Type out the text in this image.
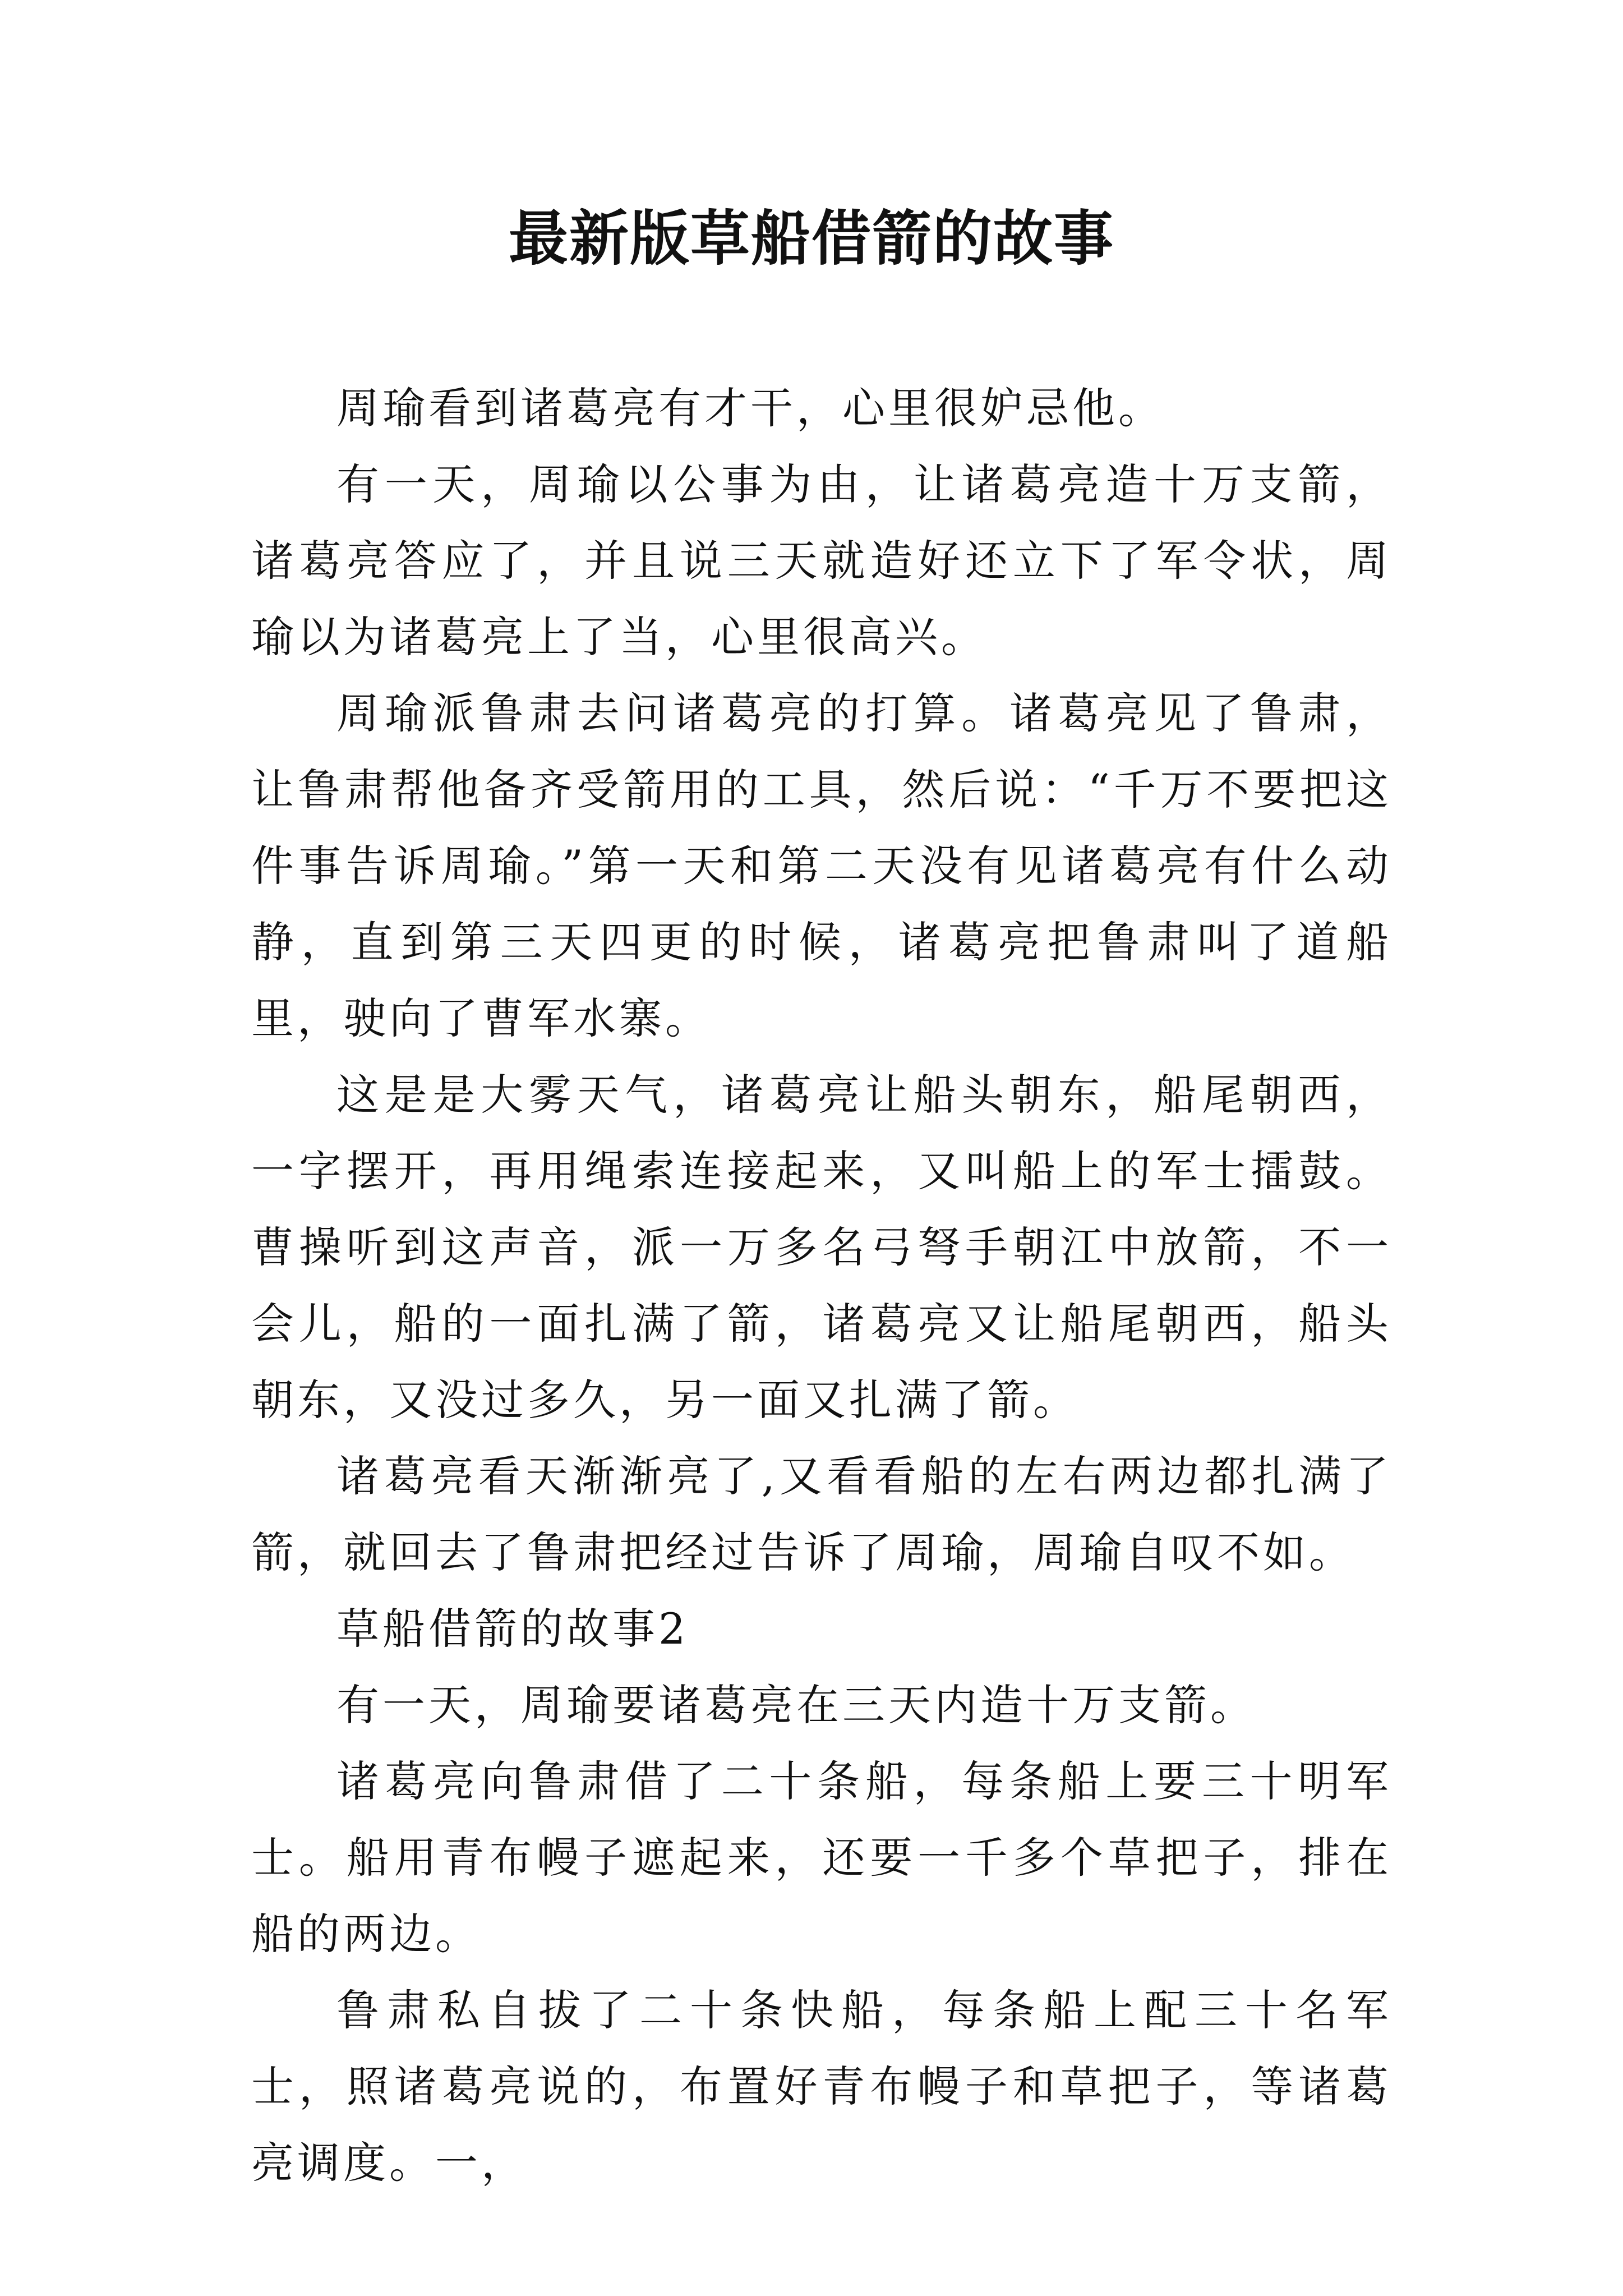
最新版草船借箭的故事

周瑜看到诸葛亮有才干，心里很妒忌他。

有一天，周瑜以公事为由，让诸葛亮造十万支箭，诸葛亮答应了，并且说三天就造好还立下了军令状，周瑜以为诸葛亮上了当，心里很高兴。

周瑜派鲁肃去问诸葛亮的打算。诸葛亮见了鲁肃，让鲁肃帮他备齐受箭用的工具，然后说：“千万不要把这件事告诉周瑜。”第一天和第二天没有见诸葛亮有什么动静，直到第三天四更的时候，诸葛亮把鲁肃叫了道船里，驶向了曹军水寨。

这是是大雾天气，诸葛亮让船头朝东，船尾朝西，一字摆开，再用绳索连接起来，又叫船上的军士擂鼓。曹操听到这声音，派一万多名弓弩手朝江中放箭，不一会儿，船的一面扎满了箭，诸葛亮又让船尾朝西，船头朝东，又没过多久，另一面又扎满了箭。

诸葛亮看天渐渐亮了,又看看船的左右两边都扎满了箭，就回去了鲁肃把经过告诉了周瑜，周瑜自叹不如。

草船借箭的故事2

有一天，周瑜要诸葛亮在三天内造十万支箭。

诸葛亮向鲁肃借了二十条船，每条船上要三十明军士。船用青布幔子遮起来，还要一千多个草把子，排在船的两边。

鲁肃私自拔了二十条快船，每条船上配三十名军士，照诸葛亮说的，布置好青布幔子和草把子，等诸葛亮调度。一，
